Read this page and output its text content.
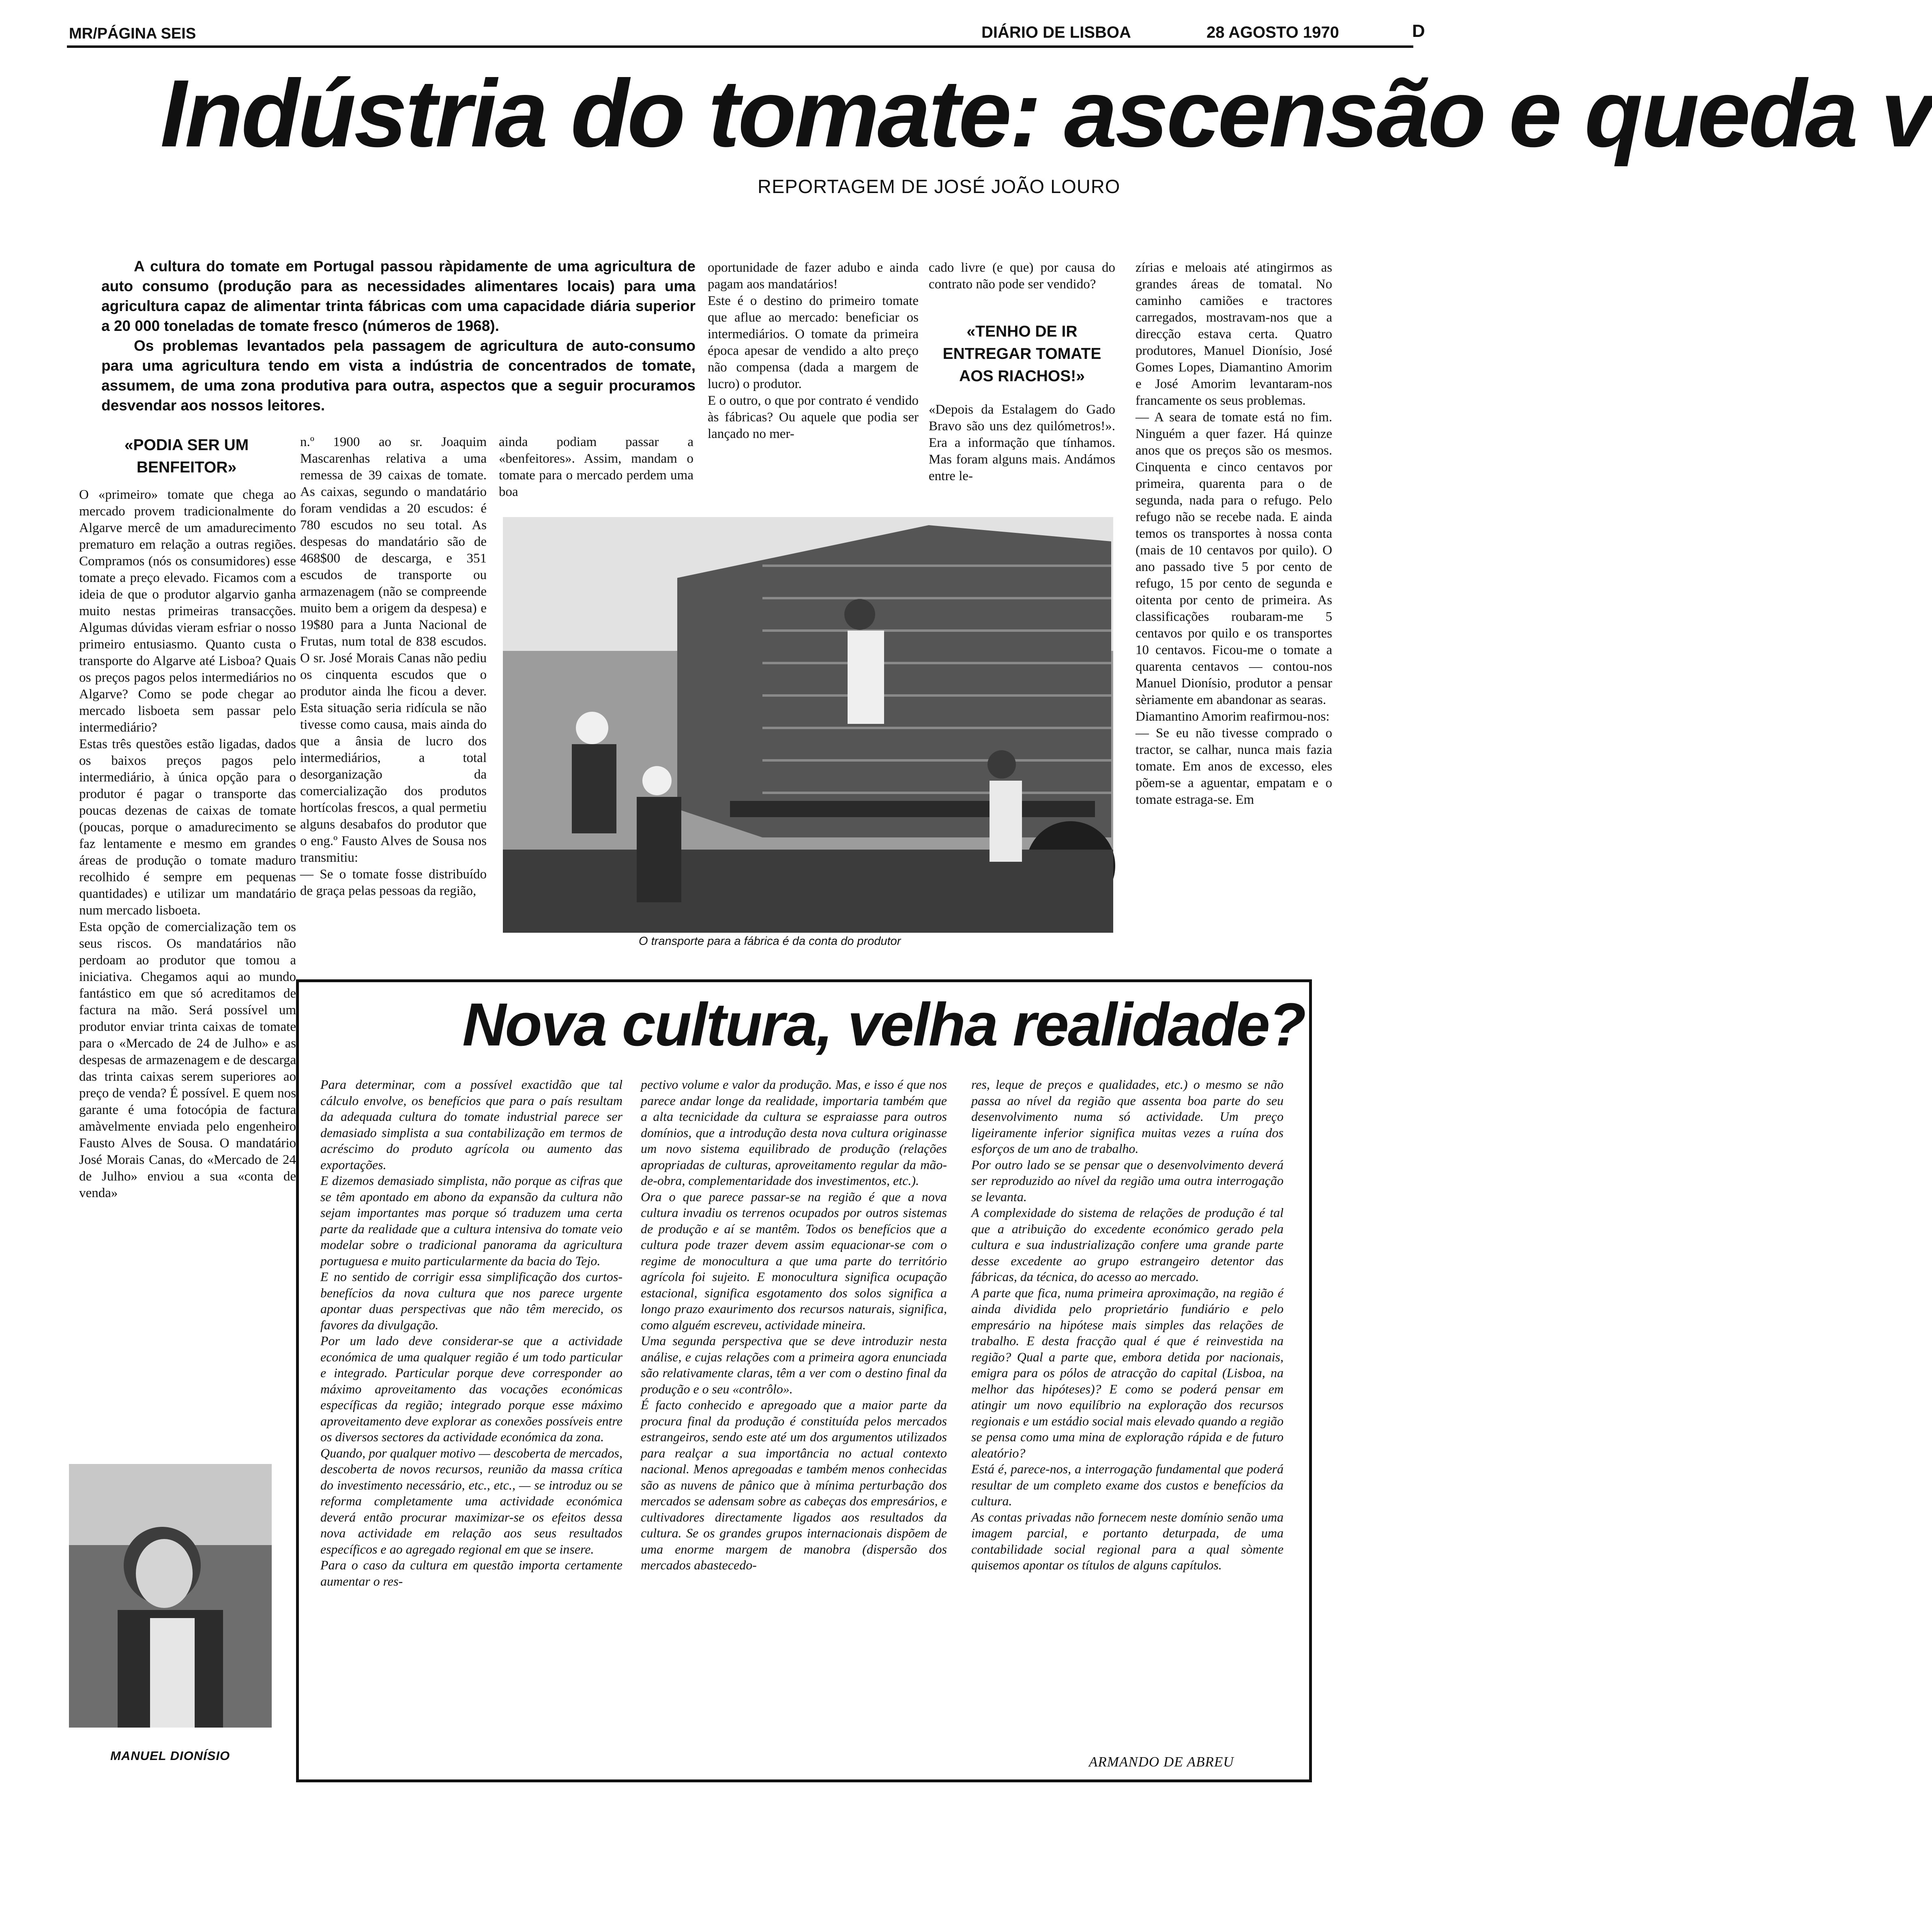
MR/PÁGINA SEIS	DIÁRIO DE LISBOA	28 AGOSTO 1970	D
Indústria do tomate: ascensão e queda v
REPORTAGEM DE JOSÉ JOÃO LOURO

A cultura do tomate em Portugal passou ràpidamente de uma agricultura de auto consumo (produção para as necessidades alimentares locais) para uma agricultura capaz de alimentar trinta fábricas com uma capacidade diária superior a 20 000 toneladas de tomate fresco (números de 1968).

Os problemas levantados pela passagem de agricultura de auto-consumo para uma agricultura tendo em vista a indústria de concentrados de tomate, assumem, de uma zona produtiva para outra, aspectos que a seguir procuramos desvendar aos nossos leitores.

«PODIA SER UM BENFEITOR»
O «primeiro» tomate que chega ao mercado provem tradicionalmente do Algarve mercê de um amadurecimento prematuro em relação a outras regiões. Compramos (nós os consumidores) esse tomate a preço elevado. Ficamos com a ideia de que o produtor algarvio ganha muito nestas primeiras transacções. Algumas dúvidas vieram esfriar o nosso primeiro entusiasmo. Quanto custa o transporte do Algarve até Lisboa? Quais os preços pagos pelos intermediários no Algarve? Como se pode chegar ao mercado lisboeta sem passar pelo intermediário?
Estas três questões estão ligadas, dados os baixos preços pagos pelo intermediário, à única opção para o produtor é pagar o transporte das poucas dezenas de caixas de tomate (poucas, porque o amadurecimento se faz lentamente e mesmo em grandes áreas de produção o tomate maduro recolhido é sempre em pequenas quantidades) e utilizar um mandatário num mercado lisboeta.
Esta opção de comercialização tem os seus riscos. Os mandatários não perdoam ao produtor que tomou a iniciativa. Chegamos aqui ao mundo fantástico em que só acreditamos de factura na mão. Será possível um produtor enviar trinta caixas de tomate para o «Mercado de 24 de Julho» e as despesas de armazenagem e de descarga das trinta caixas serem superiores ao preço de venda? É possível. E quem nos garante é uma fotocópia de factura amàvelmente enviada pelo engenheiro Fausto Alves de Sousa. O mandatário José Morais Canas, do «Mercado de 24 de Julho» enviou a sua «conta de venda»
n.º 1900 ao sr. Joaquim Mascarenhas relativa a uma remessa de 39 caixas de tomate. As caixas, segundo o mandatário foram vendidas a 20 escudos: é 780 escudos no seu total. As despesas do mandatário são de 468$00 de descarga, e 351 escudos de transporte ou armazenagem (não se compreende muito bem a origem da despesa) e 19$80 para a Junta Nacional de Frutas, num total de 838 escudos. O sr. José Morais Canas não pediu os cinquenta escudos que o produtor ainda lhe ficou a dever. Esta situação seria ridícula se não tivesse como causa, mais ainda do que a ânsia de lucro dos intermediários, a total desorganização da comercialização dos produtos hortícolas frescos, a qual permetiu alguns desabafos do produtor que o eng.º Fausto Alves de Sousa nos transmitiu:
— Se o tomate fosse distribuído de graça pelas pessoas da região,
ainda podiam passar a «benfeitores». Assim, mandam o tomate para o mercado perdem uma boa
oportunidade de fazer adubo e ainda pagam aos mandatários!
Este é o destino do primeiro tomate que aflue ao mercado: beneficiar os intermediários. O tomate da primeira época apesar de vendido a alto preço não compensa (dada a margem de lucro) o produtor.
E o outro, o que por contrato é vendido às fábricas? Ou aquele que podia ser lançado no mer-
cado livre (e que) por causa do contrato não pode ser vendido?
«TENHO DE IR ENTREGAR TOMATE AOS RIACHOS!»
«Depois da Estalagem do Gado Bravo são uns dez quilómetros!». Era a informação que tínhamos. Mas foram alguns mais. Andámos entre le-
zírias e meloais até atingirmos as grandes áreas de tomatal. No caminho camiões e tractores carregados, mostravam-nos que a direcção estava certa. Quatro produtores, Manuel Dionísio, José Gomes Lopes, Diamantino Amorim e José Amorim levantaram-nos francamente os seus problemas.
— A seara de tomate está no fim. Ninguém a quer fazer. Há quinze anos que os preços são os mesmos. Cinquenta e cinco centavos por primeira, quarenta para o de segunda, nada para o refugo. Pelo refugo não se recebe nada. E ainda temos os transportes à nossa conta (mais de 10 centavos por quilo). O ano passado tive 5 por cento de refugo, 15 por cento de segunda e oitenta por cento de primeira. As classificações roubaram-me 5 centavos por quilo e os transportes 10 centavos. Ficou-me o tomate a quarenta centavos — contou-nos Manuel Dionísio, produtor a pensar sèriamente em abandonar as searas.
Diamantino Amorim reafirmou-nos:
— Se eu não tivesse comprado o tractor, se calhar, nunca mais fazia tomate. Em anos de excesso, eles põem-se a aguentar, empatam e o tomate estraga-se. Em
O transporte para a fábrica é da conta do produtor
Nova cultura, velha realidade?
Para determinar, com a possível exactidão que tal cálculo envolve, os benefícios que para o país resultam da adequada cultura do tomate industrial parece ser demasiado simplista a sua contabilização em termos de acréscimo do produto agrícola ou aumento das exportações.
E dizemos demasiado simplista, não porque as cifras que se têm apontado em abono da expansão da cultura não sejam importantes mas porque só traduzem uma certa parte da realidade que a cultura intensiva do tomate veio modelar sobre o tradicional panorama da agricultura portuguesa e muito particularmente da bacia do Tejo.
E no sentido de corrigir essa simplificação dos curtos-benefícios da nova cultura que nos parece urgente apontar duas perspectivas que não têm merecido, os favores da divulgação.
Por um lado deve considerar-se que a actividade económica de uma qualquer região é um todo particular e integrado. Particular porque deve corresponder ao máximo aproveitamento das vocações económicas específicas da região; integrado porque esse máximo aproveitamento deve explorar as conexões possíveis entre os diversos sectores da actividade económica da zona.
Quando, por qualquer motivo — descoberta de mercados, descoberta de novos recursos, reunião da massa crítica do investimento necessário, etc., etc., — se introduz ou se reforma completamente uma actividade económica deverá então procurar maximizar-se os efeitos dessa nova actividade em relação aos seus resultados específicos e ao agregado regional em que se insere.
Para o caso da cultura em questão importa certamente aumentar o res-
pectivo volume e valor da produção. Mas, e isso é que nos parece andar longe da realidade, importaria também que a alta tecnicidade da cultura se espraiasse para outros domínios, que a introdução desta nova cultura originasse um novo sistema equilibrado de produção (relações apropriadas de culturas, aproveitamento regular da mão-de-obra, complementaridade dos investimentos, etc.).
Ora o que parece passar-se na região é que a nova cultura invadiu os terrenos ocupados por outros sistemas de produção e aí se mantêm. Todos os benefícios que a cultura pode trazer devem assim equacionar-se com o regime de monocultura a que uma parte do território agrícola foi sujeito. E monocultura significa ocupação estacional, significa esgotamento dos solos significa a longo prazo exaurimento dos recursos naturais, significa, como alguém escreveu, actividade mineira.
Uma segunda perspectiva que se deve introduzir nesta análise, e cujas relações com a primeira agora enunciada são relativamente claras, têm a ver com o destino final da produção e o seu «contrôlo».
É facto conhecido e apregoado que a maior parte da procura final da produção é constituída pelos mercados estrangeiros, sendo este até um dos argumentos utilizados para realçar a sua importância no actual contexto nacional. Menos apregoadas e também menos conhecidas são as nuvens de pânico que à mínima perturbação dos mercados se adensam sobre as cabeças dos empresários, e cultivadores directamente ligados aos resultados da cultura. Se os grandes grupos internacionais dispõem de uma enorme margem de manobra (dispersão dos mercados abastecedo-
res, leque de preços e qualidades, etc.) o mesmo se não passa ao nível da região que assenta boa parte do seu desenvolvimento numa só actividade. Um preço ligeiramente inferior significa muitas vezes a ruína dos esforços de um ano de trabalho.
Por outro lado se se pensar que o desenvolvimento deverá ser reproduzido ao nível da região uma outra interrogação se levanta.
A complexidade do sistema de relações de produção é tal que a atribuição do excedente económico gerado pela cultura e sua industrialização confere uma grande parte desse excedente ao grupo estrangeiro detentor das fábricas, da técnica, do acesso ao mercado.
A parte que fica, numa primeira aproximação, na região é ainda dividida pelo proprietário fundiário e pelo empresário na hipótese mais simples das relações de trabalho. E desta fracção qual é que é reinvestida na região? Qual a parte que, embora detida por nacionais, emigra para os pólos de atracção do capital (Lisboa, na melhor das hipóteses)? E como se poderá pensar em atingir um novo equilíbrio na exploração dos recursos regionais e um estádio social mais elevado quando a região se pensa como uma mina de exploração rápida e de futuro aleatório?
Está é, parece-nos, a interrogação fundamental que poderá resultar de um completo exame dos custos e benefícios da cultura.
As contas privadas não fornecem neste domínio senão uma imagem parcial, e portanto deturpada, de uma contabilidade social regional para a qual sòmente quisemos apontar os títulos de alguns capítulos.
ARMANDO DE ABREU
MANUEL DIONÍSIO
